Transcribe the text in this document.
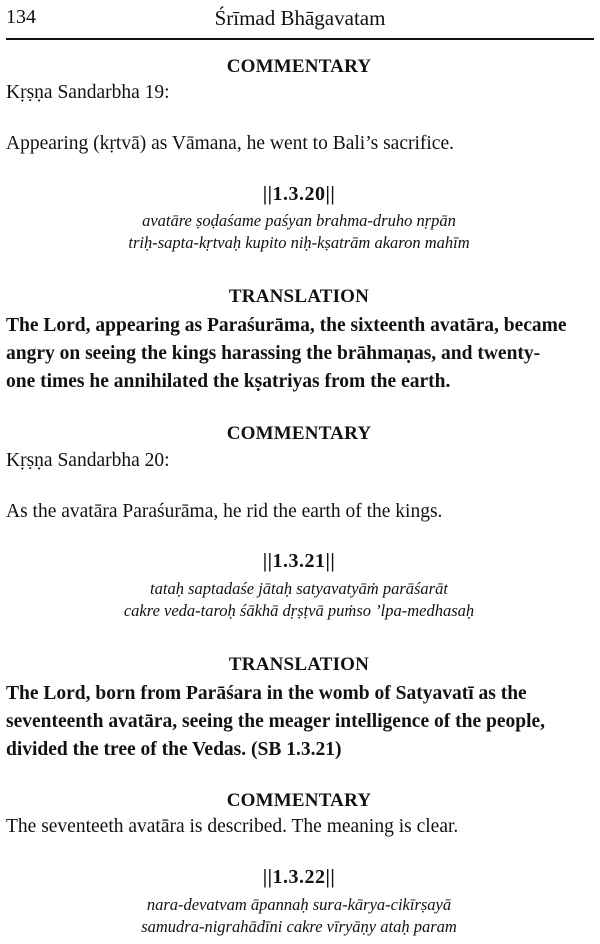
134	Śrīmad Bhāgavatam
COMMENTARY
Kṛṣṇa Sandarbha 19:
Appearing (kṛtvā) as Vāmana, he went to Bali’s sacrifice.
||1.3.20||
avatāre ṣoḍaśame paśyan brahma-druho nṛpān
triḥ-sapta-kṛtvaḥ kupito niḥ-kṣatrām akaron mahīm
TRANSLATION
The Lord, appearing as Paraśurāma, the sixteenth avatāra, became
angry on seeing the kings harassing the brāhmaṇas, and twenty-
one times he annihilated the kṣatriyas from the earth.
COMMENTARY
Kṛṣṇa Sandarbha 20:
As the avatāra Paraśurāma, he rid the earth of the kings.
||1.3.21||
tataḥ saptadaśe jātaḥ satyavatyāṁ parāśarāt
cakre veda-taroḥ śākhā dṛṣṭvā puṁso ’lpa-medhasaḥ
TRANSLATION
The Lord, born from Parāśara in the womb of Satyavatī as the
seventeenth avatāra, seeing the meager intelligence of the people,
divided the tree of the Vedas. (SB 1.3.21)
COMMENTARY
The seventeeth avatāra is described. The meaning is clear.
||1.3.22||
nara-devatvam āpannaḥ sura-kārya-cikīrṣayā
samudra-nigrahādīni cakre vīryāṇy ataḥ param
